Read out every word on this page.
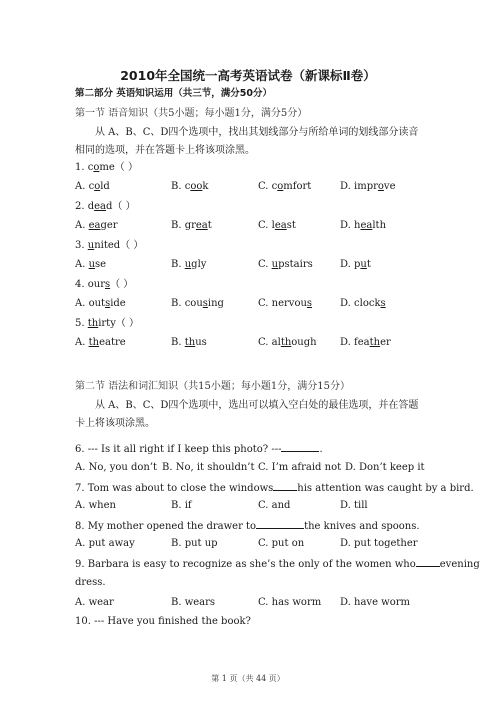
2010年全国统一高考英语试卷（新课标Ⅱ卷）
第二部分 英语知识运用（共三节，满分50分）
第一节 语音知识（共5小题；每小题1分，满分5分）
从 A、B、C、D四个选项中，找出其划线部分与所给单词的划线部分读音相同的选项，并在答题卡上将该项涂黑。
1. come（ ）
A. cold	B. cook	C. comfort	D. improve
2. dead（ ）
A. eager	B. great	C. least	D. health
3. united（ ）
A. use	B. ugly	C. upstairs	D. put
4. ours（ ）
A. outside	B. cousing	C. nervous	D. clocks
5. thirty（ ）
A. theatre	B. thus	C. although D. feather
第二节 语法和词汇知识（共15小题；每小题1分，满分15分）
从 A、B、C、D四个选项中，选出可以填入空白处的最佳选项，并在答题卡上将该项涂黑。
6. --- Is it all right if I keep this photo? ---	.
A. No, you don’t B. No, it shouldn’t C. I’m afraid not D. Don’t keep it
7. Tom was about to close the windows his attention was caught by a bird.
A. when	B. if	C. and	D. till
8. My mother opened the drawer to	the knives and spoons.
A. put away	B. put up	C. put on	D. put together
9. Barbara is easy to recognize as she’s the only of the women who evening
dress.
A. wear	B. wears	C. has worm D. have worm
10. --- Have you finished the book?
第 1 页（共 44 页）
